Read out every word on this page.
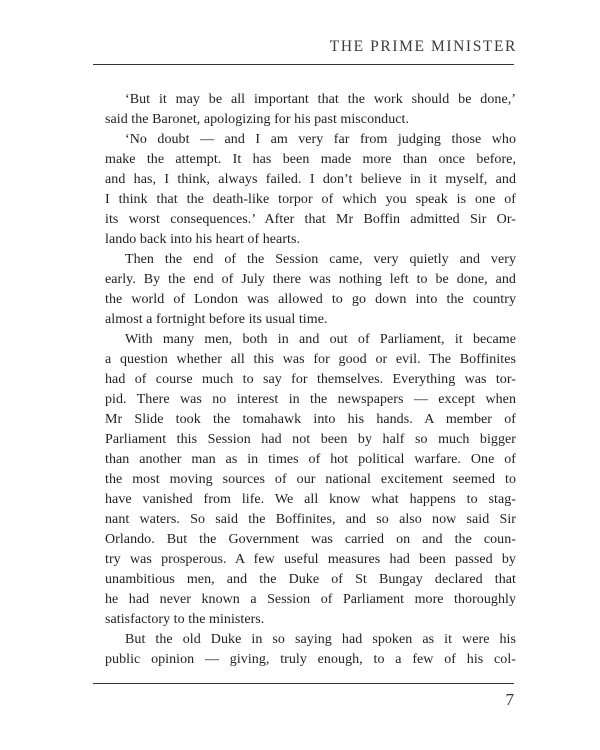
THE PRIME MINISTER

‘But it may be all important that the work should be done,’
said the Baronet, apologizing for his past misconduct.

‘No doubt — and I am very far from judging those who
make the attempt. It has been made more than once before,
and has, I think, always failed. I don’t believe in it myself, and
I think that the death-like torpor of which you speak is one of
its worst consequences.’ After that Mr Boffin admitted Sir Or-
lando back into his heart of hearts.

Then the end of the Session came, very quietly and very
early. By the end of July there was nothing left to be done, and
the world of London was allowed to go down into the country
almost a fortnight before its usual time.

With many men, both in and out of Parliament, it became
a question whether all this was for good or evil. The Boffinites
had of course much to say for themselves. Everything was tor-
pid. There was no interest in the newspapers — except when
Mr Slide took the tomahawk into his hands. A member of
Parliament this Session had not been by half so much bigger
than another man as in times of hot political warfare. One of
the most moving sources of our national excitement seemed to
have vanished from life. We all know what happens to stag-
nant waters. So said the Boffinites, and so also now said Sir
Orlando. But the Government was carried on and the coun-
try was prosperous. A few useful measures had been passed by
unambitious men, and the Duke of St Bungay declared that
he had never known a Session of Parliament more thoroughly
satisfactory to the ministers.

But the old Duke in so saying had spoken as it were his
public opinion — giving, truly enough, to a few of his col-

7
